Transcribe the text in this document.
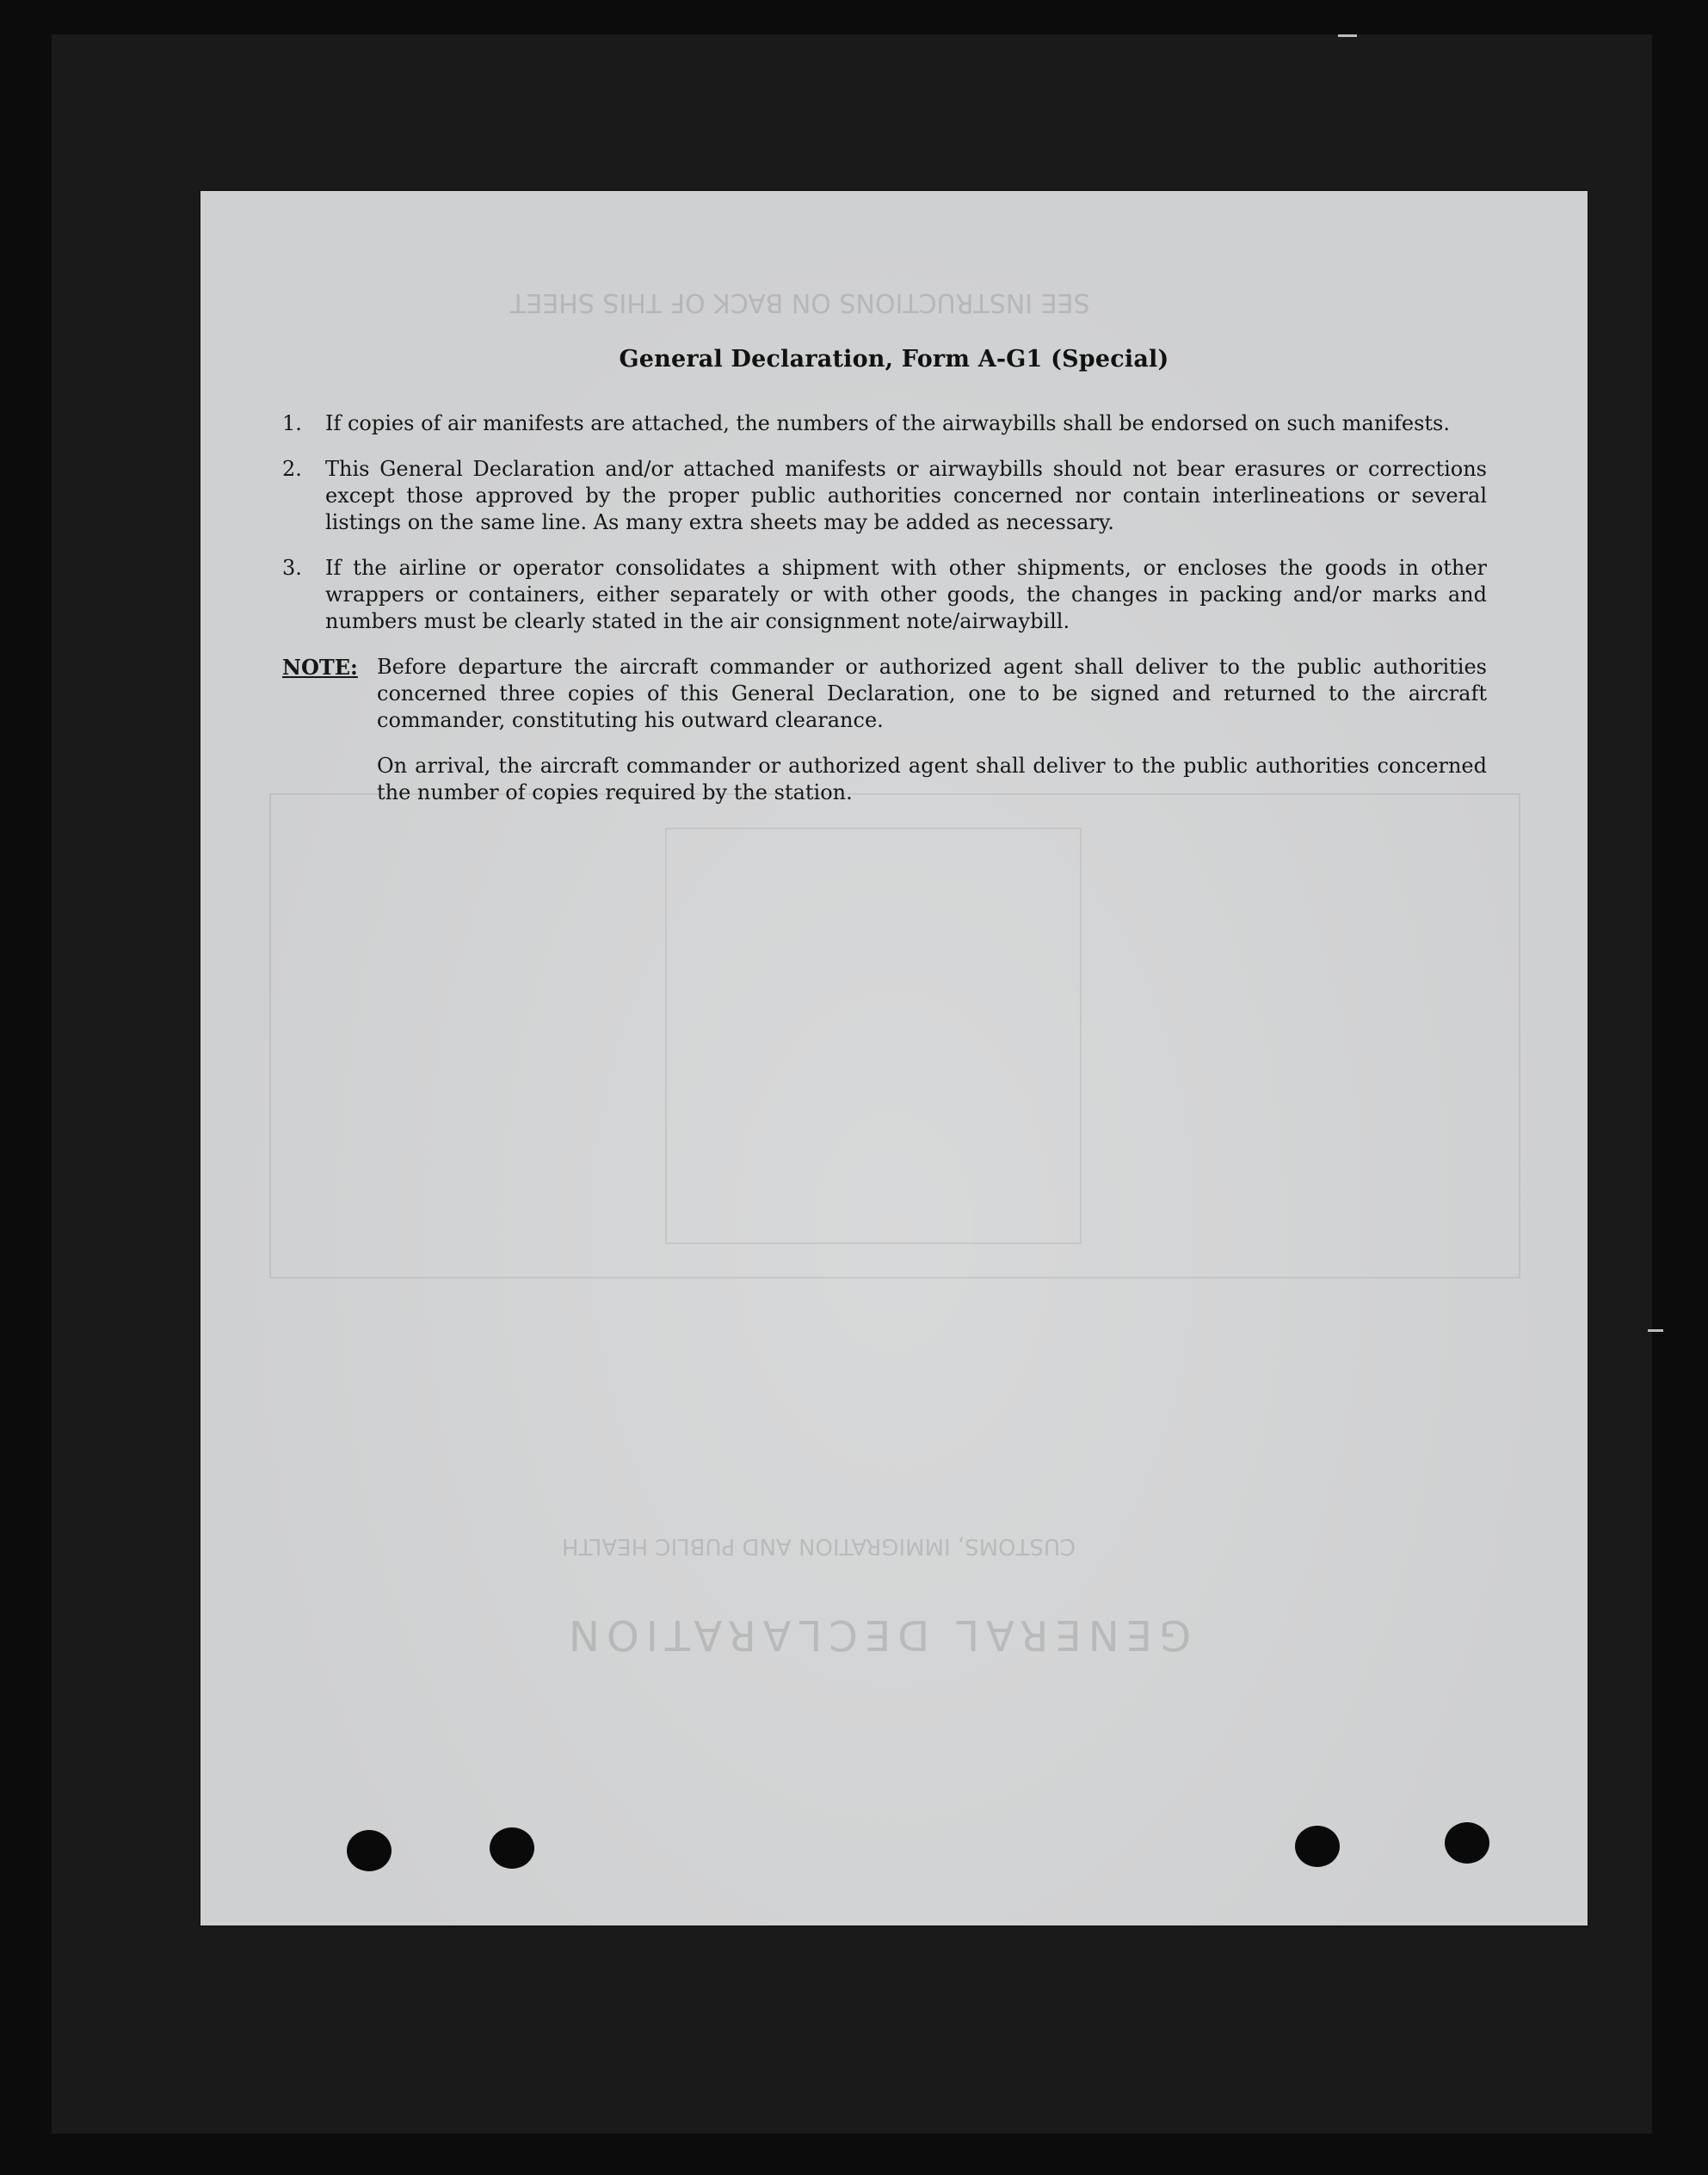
SEE INSTRUCTIONS ON BACK OF THIS SHEET
CUSTOMS, IMMIGRATION AND PUBLIC HEALTH
GENERAL DECLARATION
General Declaration, Form A-G1 (Special)
1.	If copies of air manifests are attached, the numbers of the airwaybills shall be endorsed on such manifests.
2.	This General Declaration and/or attached manifests or airwaybills should not bear erasures or corrections except those approved by the proper public authorities concerned nor contain interlineations or several listings on the same line. As many extra sheets may be added as necessary.
3.	If the airline or operator consolidates a shipment with other shipments, or encloses the goods in other wrappers or containers, either separately or with other goods, the changes in packing and/or marks and numbers must be clearly stated in the air consignment note/airwaybill.
NOTE: Before departure the aircraft commander or authorized agent shall deliver to the public authorities concerned three copies of this General Declaration, one to be signed and returned to the aircraft commander, constituting his outward clearance.
On arrival, the aircraft commander or authorized agent shall deliver to the public authorities concerned the number of copies required by the station.
